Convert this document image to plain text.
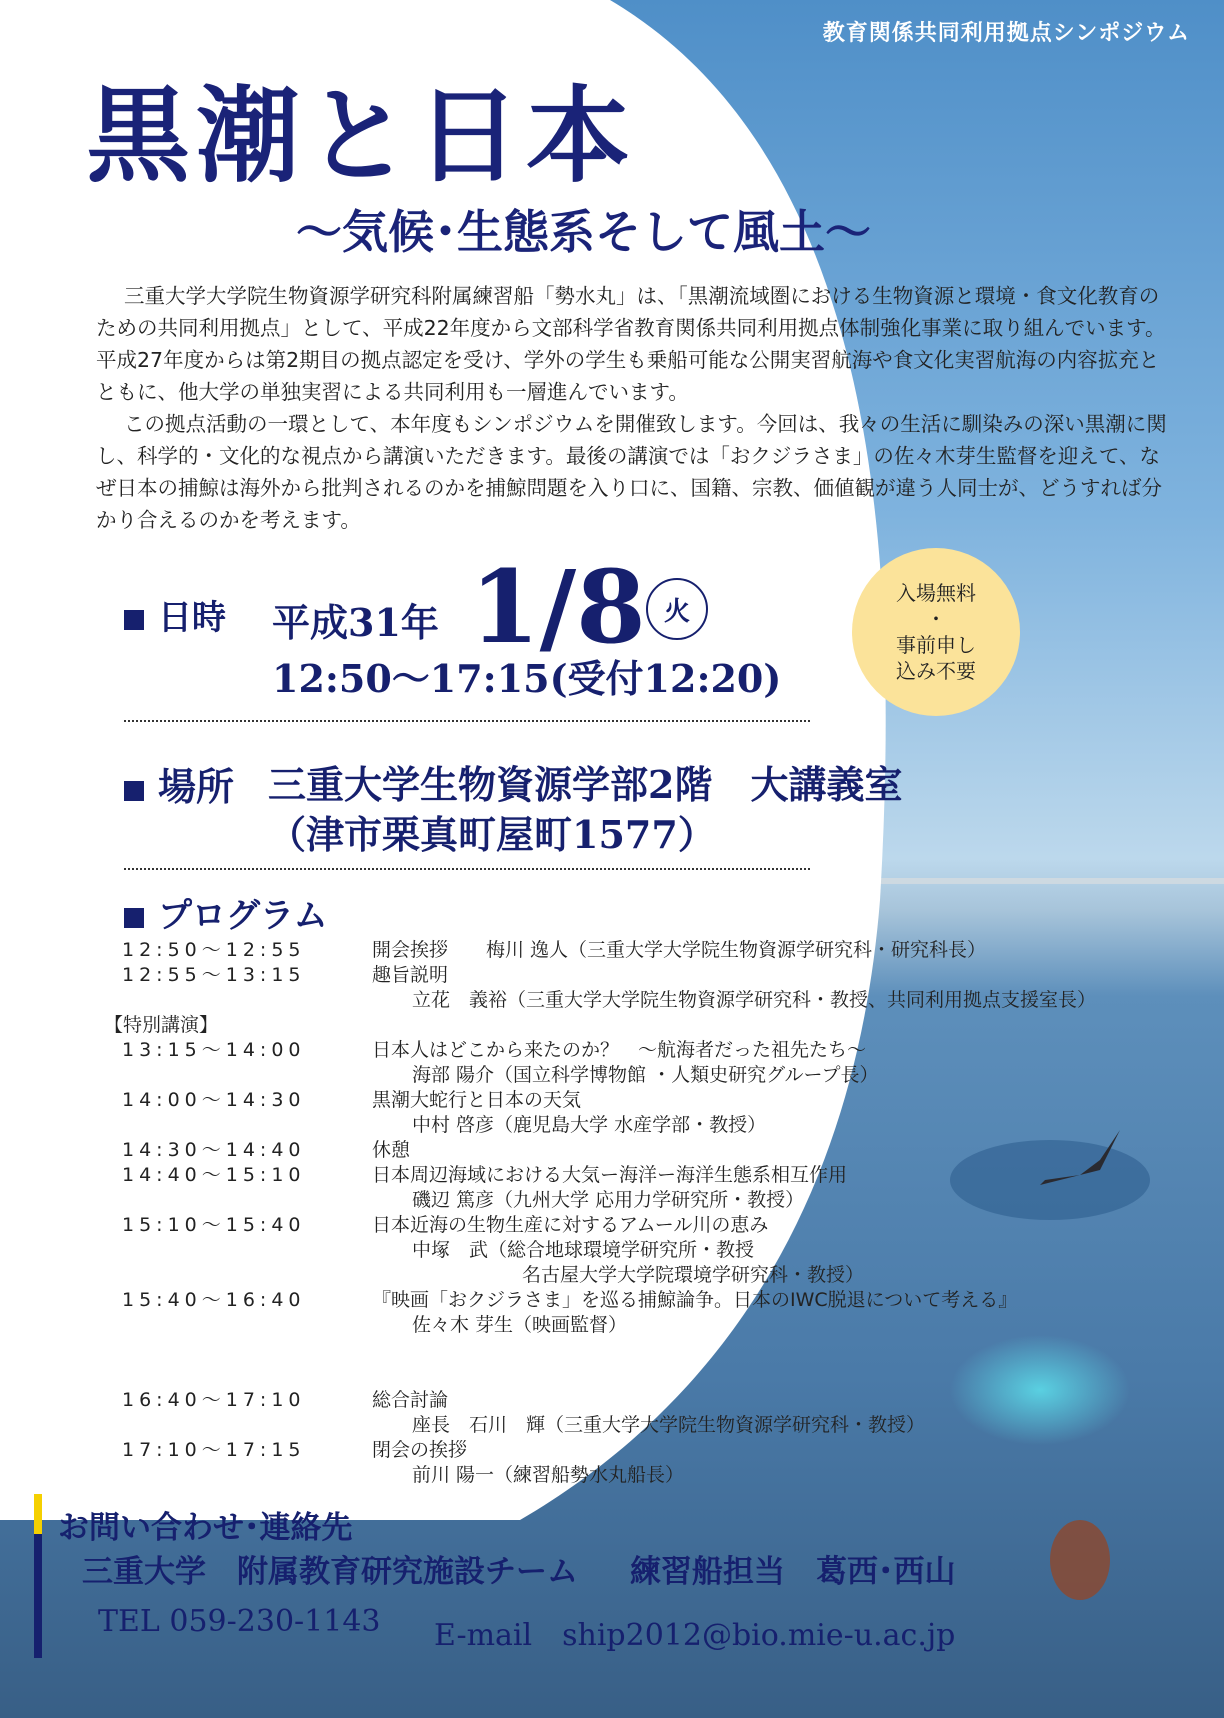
教育関係共同利用拠点シンポジウム
黒潮と日本
～気候･生態系そして風土～

三重大学大学院生物資源学研究科附属練習船「勢水丸」は、「黒潮流域圏における生物資源と環境・食文化教育のための共同利用拠点」として、平成22年度から文部科学省教育関係共同利用拠点体制強化事業に取り組んでいます。平成27年度からは第2期目の拠点認定を受け、学外の学生も乗船可能な公開実習航海や食文化実習航海の内容拡充とともに、他大学の単独実習による共同利用も一層進んでいます。

この拠点活動の一環として、本年度もシンポジウムを開催致します。今回は、我々の生活に馴染みの深い黒潮に関し、科学的・文化的な視点から講演いただきます。最後の講演では「おクジラさま」の佐々木芽生監督を迎えて、なぜ日本の捕鯨は海外から批判されるのかを捕鯨問題を入り口に、国籍、宗教、価値観が違う人同士が、どうすれば分かり合えるのかを考えます。

日時 平成31年 1/8 火
12:50～17:15(受付12:20)
入場無料
・
事前申し
込み不要
場所 三重大学生物資源学部2階　大講義室
（津市栗真町屋町1577）
プログラム
12:50～12:55	開会挨拶　　梅川 逸人（三重大学大学院生物資源学研究科・研究科長）
12:55～13:15	趣旨説明
立花　義裕（三重大学大学院生物資源学研究科・教授、共同利用拠点支援室長）
【特別講演】
13:15～14:00	日本人はどこから来たのか？　～航海者だった祖先たち～
海部 陽介（国立科学博物館 ・人類史研究グループ長）
14:00～14:30	黒潮大蛇行と日本の天気
中村 啓彦（鹿児島大学 水産学部・教授）
14:30～14:40	休憩
14:40～15:10	日本周辺海域における大気ー海洋ー海洋生態系相互作用
磯辺 篤彦（九州大学 応用力学研究所・教授）
15:10～15:40	日本近海の生物生産に対するアムール川の恵み
中塚　武（総合地球環境学研究所・教授
名古屋大学大学院環境学研究科・教授）
15:40～16:40	『映画「おクジラさま」を巡る捕鯨論争。日本のIWC脱退について考える』
佐々木 芽生（映画監督）
16:40～17:10	総合討論
座長　石川　輝（三重大学大学院生物資源学研究科・教授）
17:10～17:15	閉会の挨拶
前川 陽一（練習船勢水丸船長）
お問い合わせ･連絡先
三重大学　附属教育研究施設チーム 練習船担当　葛西･西山
TEL 059-230-1143 E-mail　ship2012@bio.mie-u.ac.jp
